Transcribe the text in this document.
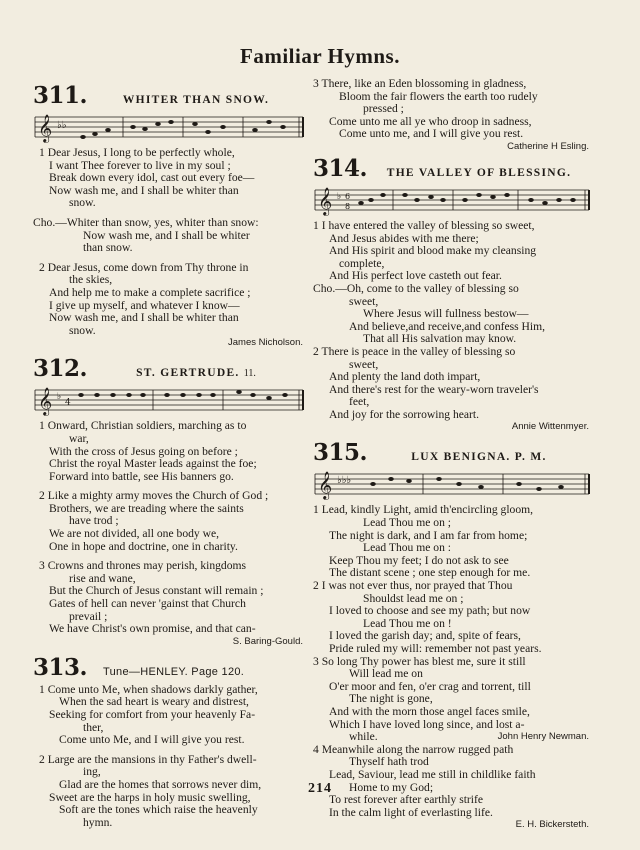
Familiar Hymns.
311.	WHITER THAN SNOW.
𝄞 ♭♭
1 Dear Jesus, I long to be perfectly whole,
I want Thee forever to live in my soul ;
Break down every idol, cast out every foe—
Now wash me, and I shall be whiter than
snow.
Cho.—Whiter than snow, yes, whiter than snow:
Now wash me, and I shall be whiter
than snow.
2 Dear Jesus, come down from Thy throne in
the skies,
And help me to make a complete sacrifice ;
I give up myself, and whatever I know—
Now wash me, and I shall be whiter than
snow.
James Nicholson.
312.	ST. GERTRUDE. 11.
𝄞 ♭
4
1 Onward, Christian soldiers, marching as to
war,
With the cross of Jesus going on before ;
Christ the royal Master leads against the foe;
Forward into battle, see His banners go.
2 Like a mighty army moves the Church of God ;
Brothers, we are treading where the saints
have trod ;
We are not divided, all one body we,
One in hope and doctrine, one in charity.
3 Crowns and thrones may perish, kingdoms
rise and wane,
But the Church of Jesus constant will remain ;
Gates of hell can never 'gainst that Church
prevail ;
We have Christ's own promise, and that can-
S. Baring-Gould.
313. Tune—HENLEY. Page 120.
1 Come unto Me, when shadows darkly gather,
When the sad heart is weary and distrest,
Seeking for comfort from your heavenly Fa-
ther,
Come unto Me, and I will give you rest.
2 Large are the mansions in thy Father's dwell-
ing,
Glad are the homes that sorrows never dim,
Sweet are the harps in holy music swelling,
Soft are the tones which raise the heavenly
hymn.
3 There, like an Eden blossoming in gladness,
Bloom the fair flowers the earth too rudely
pressed ;
Come unto me all ye who droop in sadness,
Come unto me, and I will give you rest.
Catherine H Esling.
314.	THE VALLEY OF BLESSING.
𝄞 ♭ 6
8
1 I have entered the valley of blessing so sweet,
And Jesus abides with me there;
And His spirit and blood make my cleansing
complete,
And His perfect love casteth out fear.
Cho.—Oh, come to the valley of blessing so
sweet,
Where Jesus will fullness bestow—
And believe,and receive,and confess Him,
That all His salvation may know.
2 There is peace in the valley of blessing so
sweet,
And plenty the land doth impart,
And there's rest for the weary-worn traveler's
feet,
And joy for the sorrowing heart.
Annie Wittenmyer.
315.	LUX BENIGNA. P. M.
𝄞 ♭♭♭
1 Lead, kindly Light, amid th'encircling gloom,
Lead Thou me on ;
The night is dark, and I am far from home;
Lead Thou me on :
Keep Thou my feet; I do not ask to see
The distant scene ; one step enough for me.
2 I was not ever thus, nor prayed that Thou
Shouldst lead me on ;
I loved to choose and see my path; but now
Lead Thou me on !
I loved the garish day; and, spite of fears,
Pride ruled my will: remember not past years.
3 So long Thy power has blest me, sure it still
Will lead me on
O'er moor and fen, o'er crag and torrent, till
The night is gone,
And with the morn those angel faces smile,
Which I have loved long since, and lost a-
while.	John Henry Newman.
4 Meanwhile along the narrow rugged path
Thyself hath trod
Lead, Saviour, lead me still in childlike faith
Home to my God;
To rest forever after earthly strife
In the calm light of everlasting life.
E. H. Bickersteth.
214
